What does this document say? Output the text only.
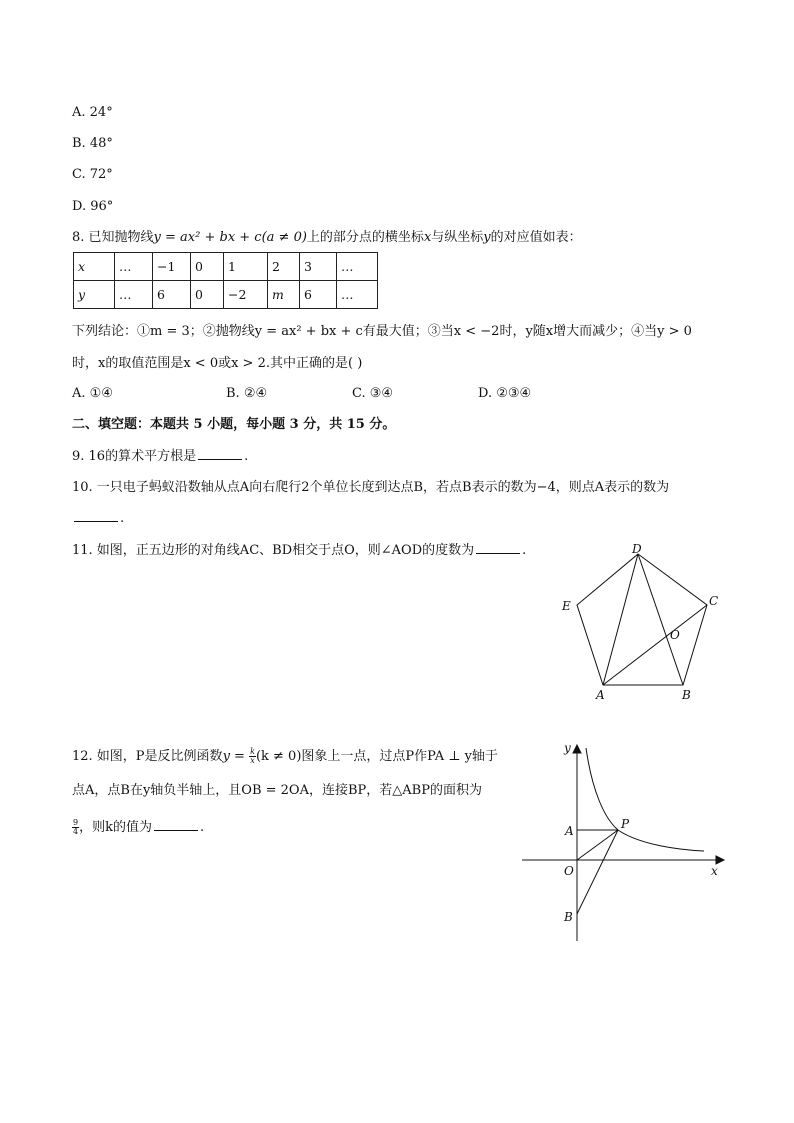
A. 24°
B. 48°
C. 72°
D. 96°
8. 已知抛物线y = ax² + bx + c(a ≠ 0)上的部分点的横坐标x与纵坐标y的对应值如表：
x	…	−1	0	1	2	3	…
y	…	6	0	−2	m	6	…
下列结论：①m = 3；②抛物线y = ax² + bx + c有最大值；③当x < −2时，y随x增大而减少；④当y > 0
时，x的取值范围是x < 0或x > 2.其中正确的是( )
A. ①④	B. ②④	C. ③④	D. ②③④
二、填空题：本题共 5 小题，每小题 3 分，共 15 分。
9. 16的算术平方根是	.
10. 一只电子蚂蚁沿数轴从点A向右爬行2个单位长度到达点B，若点B表示的数为−4，则点A表示的数为
.
11. 如图，正五边形的对角线AC、BD相交于点O，则∠AOD的度数为	.	D
C
E
O
A	B
12. 如图，P是反比例函数$y = \frac{k}{x} (k \ne 0)$图象上一点，过点P作PA ⊥ y轴于
点A，点B在y轴负半轴上，且OB = 2OA，连接BP，若△ABP的面积为
$\frac{9}{4}$ ，则k的值为	.
y
x
A	P
O
B
